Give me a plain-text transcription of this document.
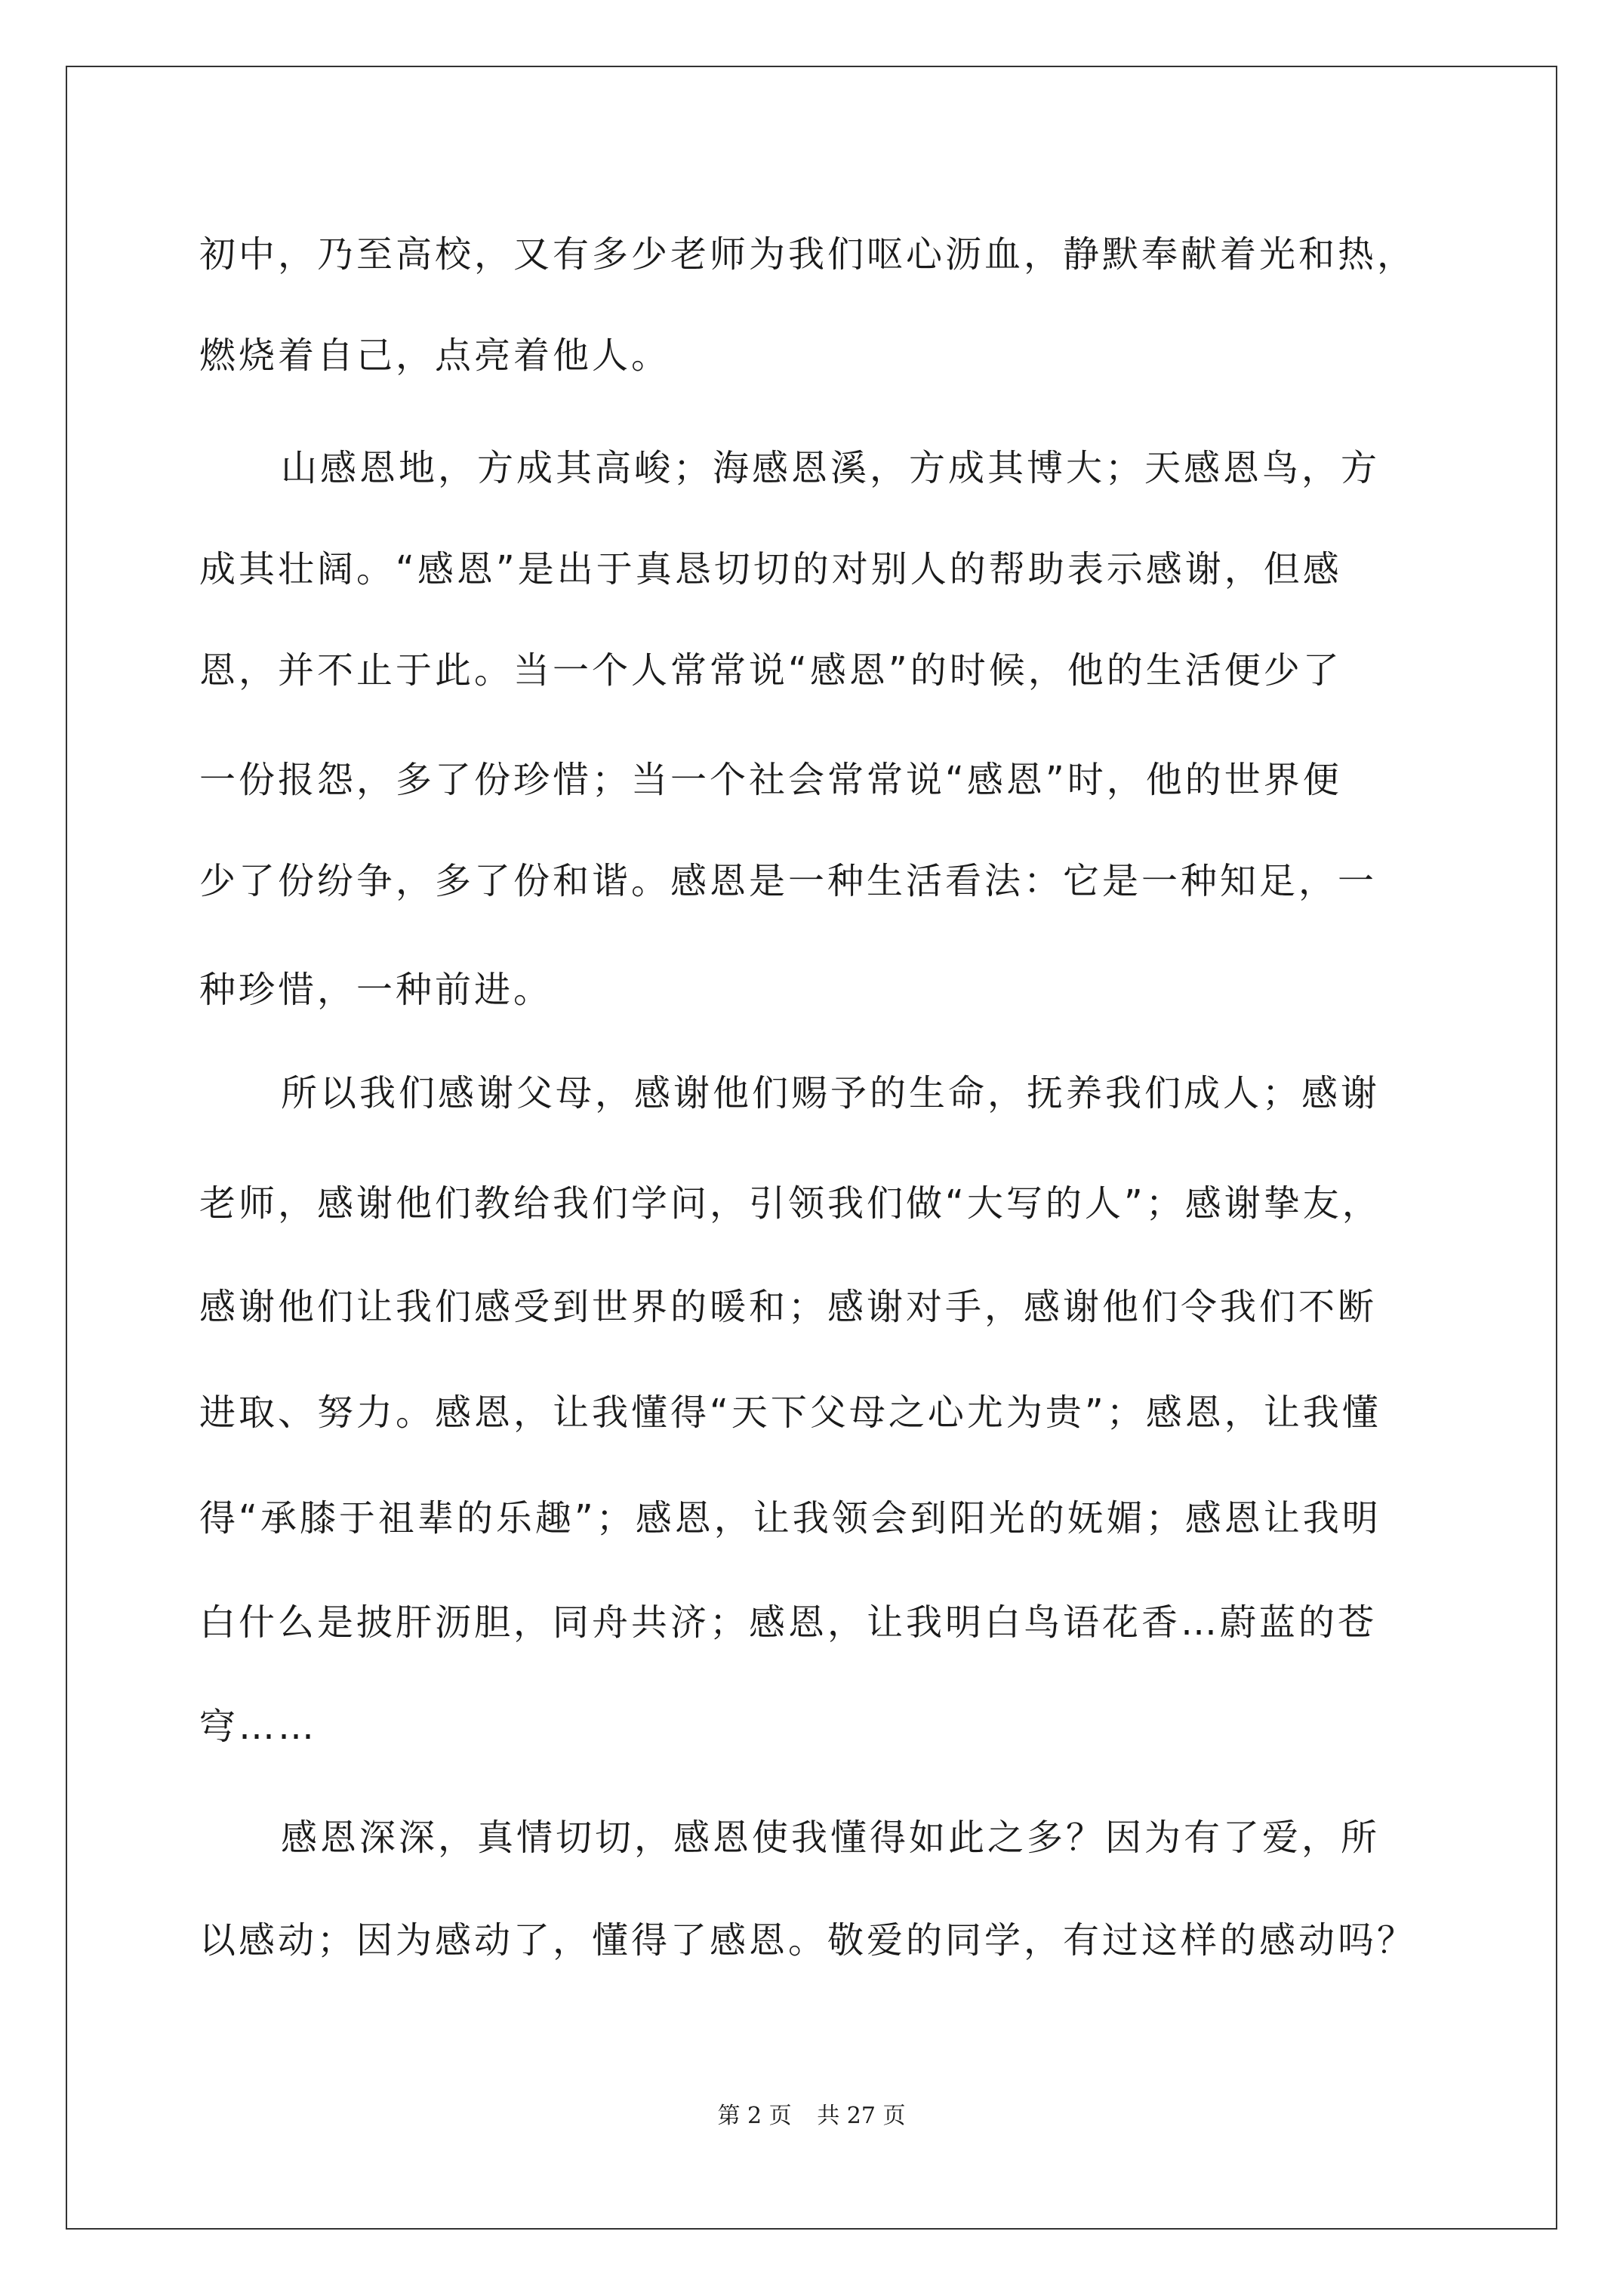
初中，乃至高校，又有多少老师为我们呕心沥血，静默奉献着光和热，
燃烧着自己，点亮着他人。
山感恩地，方成其高峻；海感恩溪，方成其博大；天感恩鸟，方
成其壮阔。“感恩”是出于真恳切切的对别人的帮助表示感谢，但感
恩，并不止于此。当一个人常常说“感恩”的时候，他的生活便少了
一份报怨，多了份珍惜；当一个社会常常说“感恩”时，他的世界便
少了份纷争，多了份和谐。感恩是一种生活看法：它是一种知足，一
种珍惜，一种前进。
所以我们感谢父母，感谢他们赐予的生命，抚养我们成人；感谢
老师，感谢他们教给我们学问，引领我们做“大写的人”；感谢挚友，
感谢他们让我们感受到世界的暖和；感谢对手，感谢他们令我们不断
进取、努力。感恩，让我懂得“天下父母之心尤为贵”；感恩，让我懂
得“承膝于祖辈的乐趣”；感恩，让我领会到阳光的妩媚；感恩让我明
白什么是披肝沥胆，同舟共济；感恩，让我明白鸟语花香…蔚蓝的苍
穹……
感恩深深，真情切切，感恩使我懂得如此之多？因为有了爱，所
以感动；因为感动了，懂得了感恩。敬爱的同学，有过这样的感动吗？
第 2 页 共 27 页
